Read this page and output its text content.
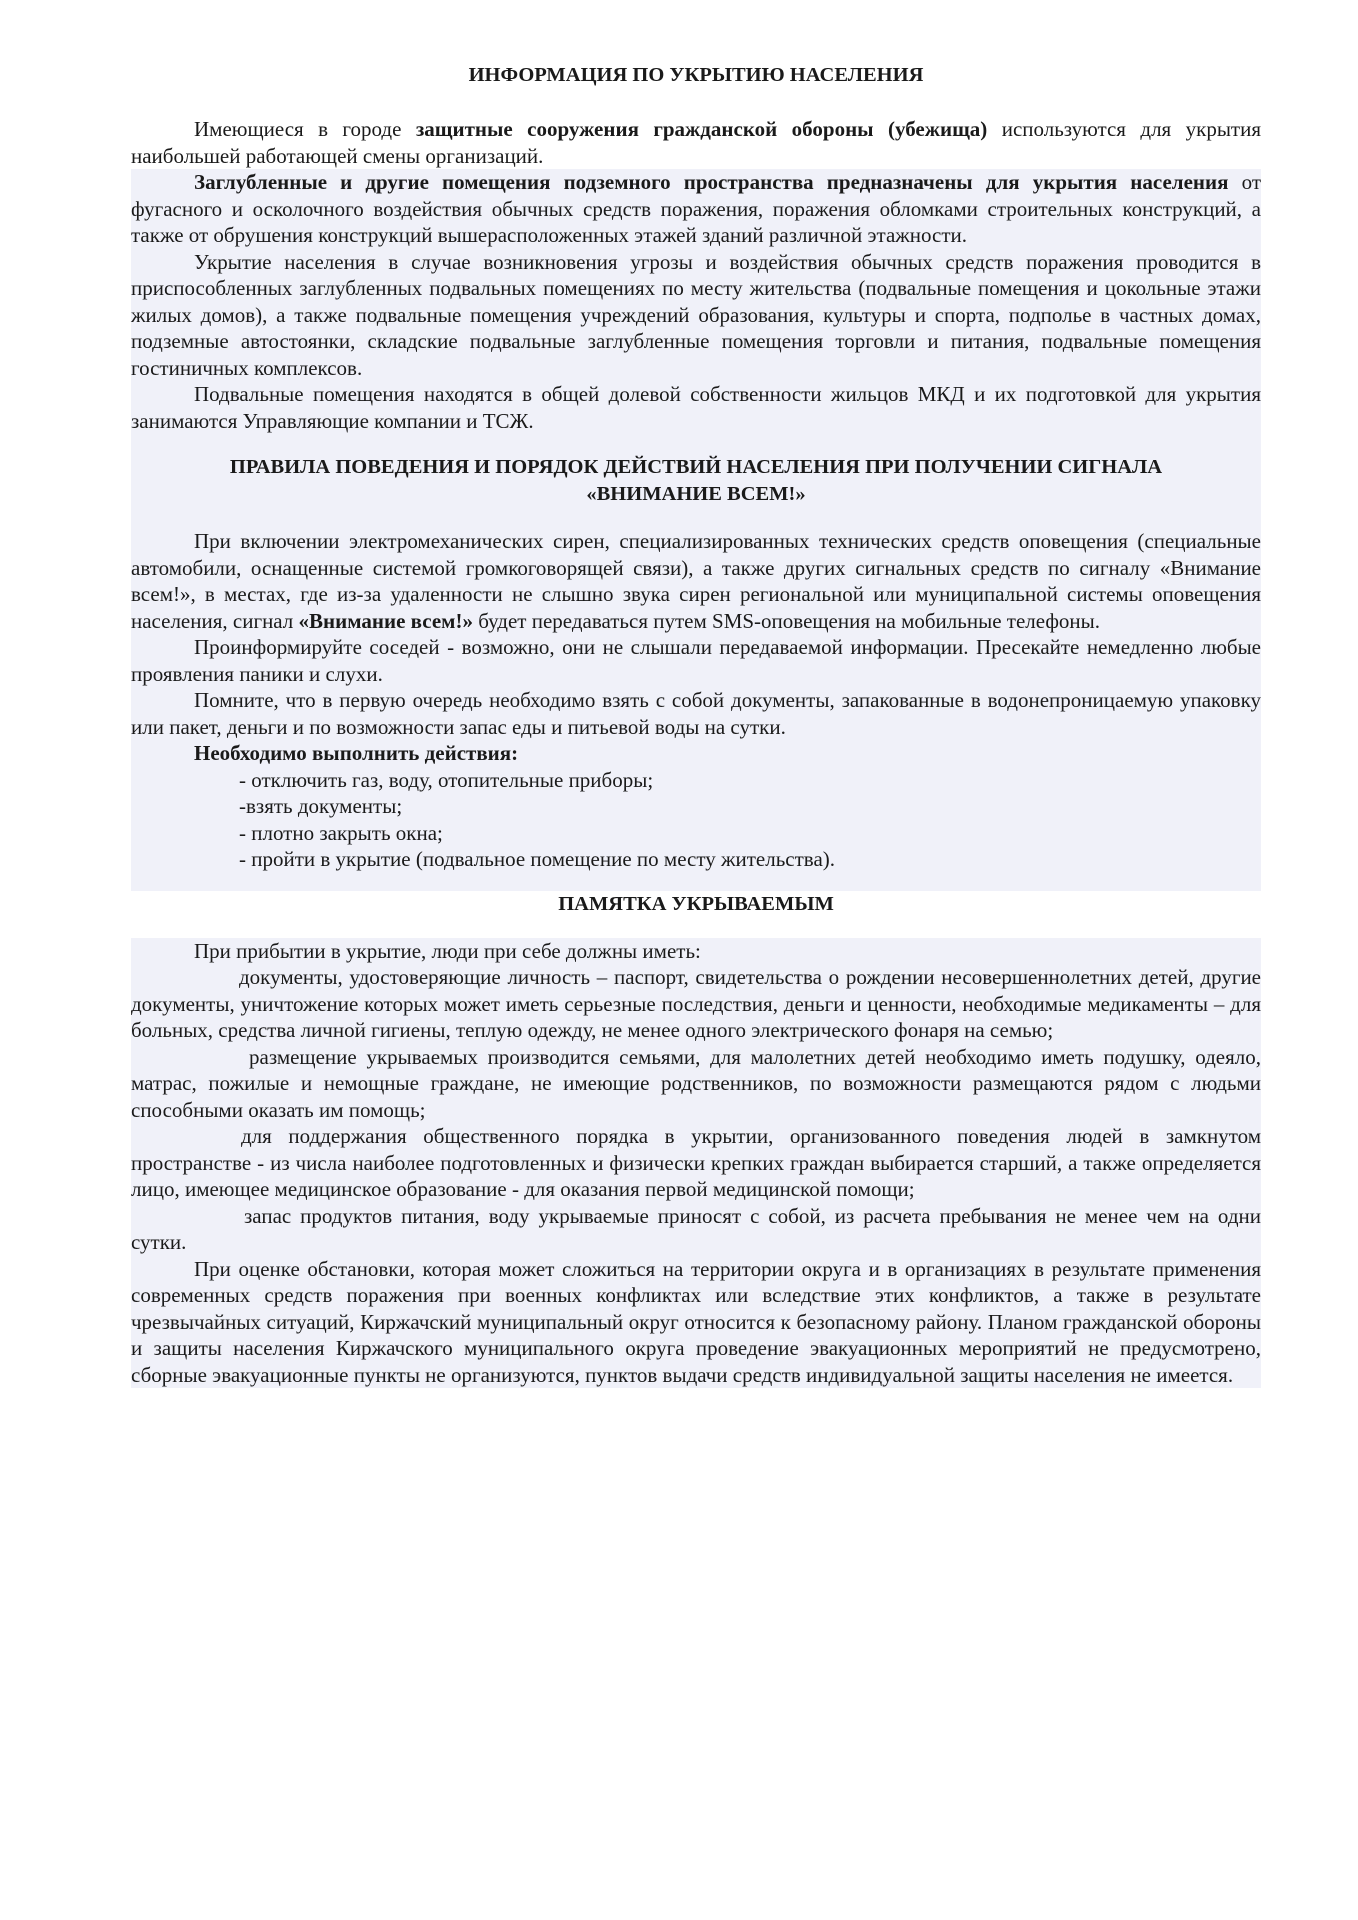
ИНФОРМАЦИЯ ПО УКРЫТИЮ НАСЕЛЕНИЯ

Имеющиеся в городе защитные сооружения гражданской обороны (убежища) используются для укрытия наибольшей работающей смены организаций.

Заглубленные и другие помещения подземного пространства предназначены для укрытия населения от фугасного и осколочного воздействия обычных средств поражения, поражения обломками строительных конструкций, а также от обрушения конструкций вышерасположенных этажей зданий различной этажности.

Укрытие населения в случае возникновения угрозы и воздействия обычных средств поражения проводится в приспособленных заглубленных подвальных помещениях по месту жительства (подвальные помещения и цокольные этажи жилых домов), а также подвальные помещения учреждений образования, культуры и спорта, подполье в частных домах, подземные автостоянки, складские подвальные заглубленные помещения торговли и питания, подвальные помещения гостиничных комплексов.

Подвальные помещения находятся в общей долевой собственности жильцов МКД и их подготовкой для укрытия занимаются Управляющие компании и ТСЖ.

ПРАВИЛА ПОВЕДЕНИЯ И ПОРЯДОК ДЕЙСТВИЙ НАСЕЛЕНИЯ ПРИ ПОЛУЧЕНИИ СИГНАЛА
«ВНИМАНИЕ ВСЕМ!»

При включении электромеханических сирен, специализированных технических средств оповещения (специальные автомобили, оснащенные системой громкоговорящей связи), а также других сигнальных средств по сигналу «Внимание всем!», в местах, где из-за удаленности не слышно звука сирен региональной или муниципальной системы оповещения населения, сигнал «Внимание всем!» будет передаваться путем SMS-оповещения на мобильные телефоны.

Проинформируйте соседей - возможно, они не слышали передаваемой информации. Пресекайте немедленно любые проявления паники и слухи.

Помните, что в первую очередь необходимо взять с собой документы, запакованные в водонепроницаемую упаковку или пакет, деньги и по возможности запас еды и питьевой воды на сутки.

Необходимо выполнить действия:

- отключить газ, воду, отопительные приборы;

-взять документы;

- плотно закрыть окна;

- пройти в укрытие (подвальное помещение по месту жительства).

ПАМЯТКА УКРЫВАЕМЫМ

При прибытии в укрытие, люди при себе должны иметь:

документы, удостоверяющие личность – паспорт, свидетельства о рождении несовершеннолетних детей, другие документы, уничтожение которых может иметь серьезные последствия, деньги и ценности, необходимые медикаменты – для больных, средства личной гигиены, теплую одежду, не менее одного электрического фонаря на семью;

размещение укрываемых производится семьями, для малолетних детей необходимо иметь подушку, одеяло, матрас, пожилые и немощные граждане, не имеющие родственников, по возможности размещаются рядом с людьми способными оказать им помощь;

для поддержания общественного порядка в укрытии, организованного поведения людей в замкнутом пространстве - из числа наиболее подготовленных и физически крепких граждан выбирается старший, а также определяется лицо, имеющее медицинское образование - для оказания первой медицинской помощи;

запас продуктов питания, воду укрываемые приносят с собой, из расчета пребывания не менее чем на одни сутки.

При оценке обстановки, которая может сложиться на территории округа и в организациях в результате применения современных средств поражения при военных конфликтах или вследствие этих конфликтов, а также в результате чрезвычайных ситуаций, Киржачский муниципальный округ относится к безопасному району. Планом гражданской обороны и защиты населения Киржачского муниципального округа проведение эвакуационных мероприятий не предусмотрено, сборные эвакуационные пункты не организуются, пунктов выдачи средств индивидуальной защиты населения не имеется.
